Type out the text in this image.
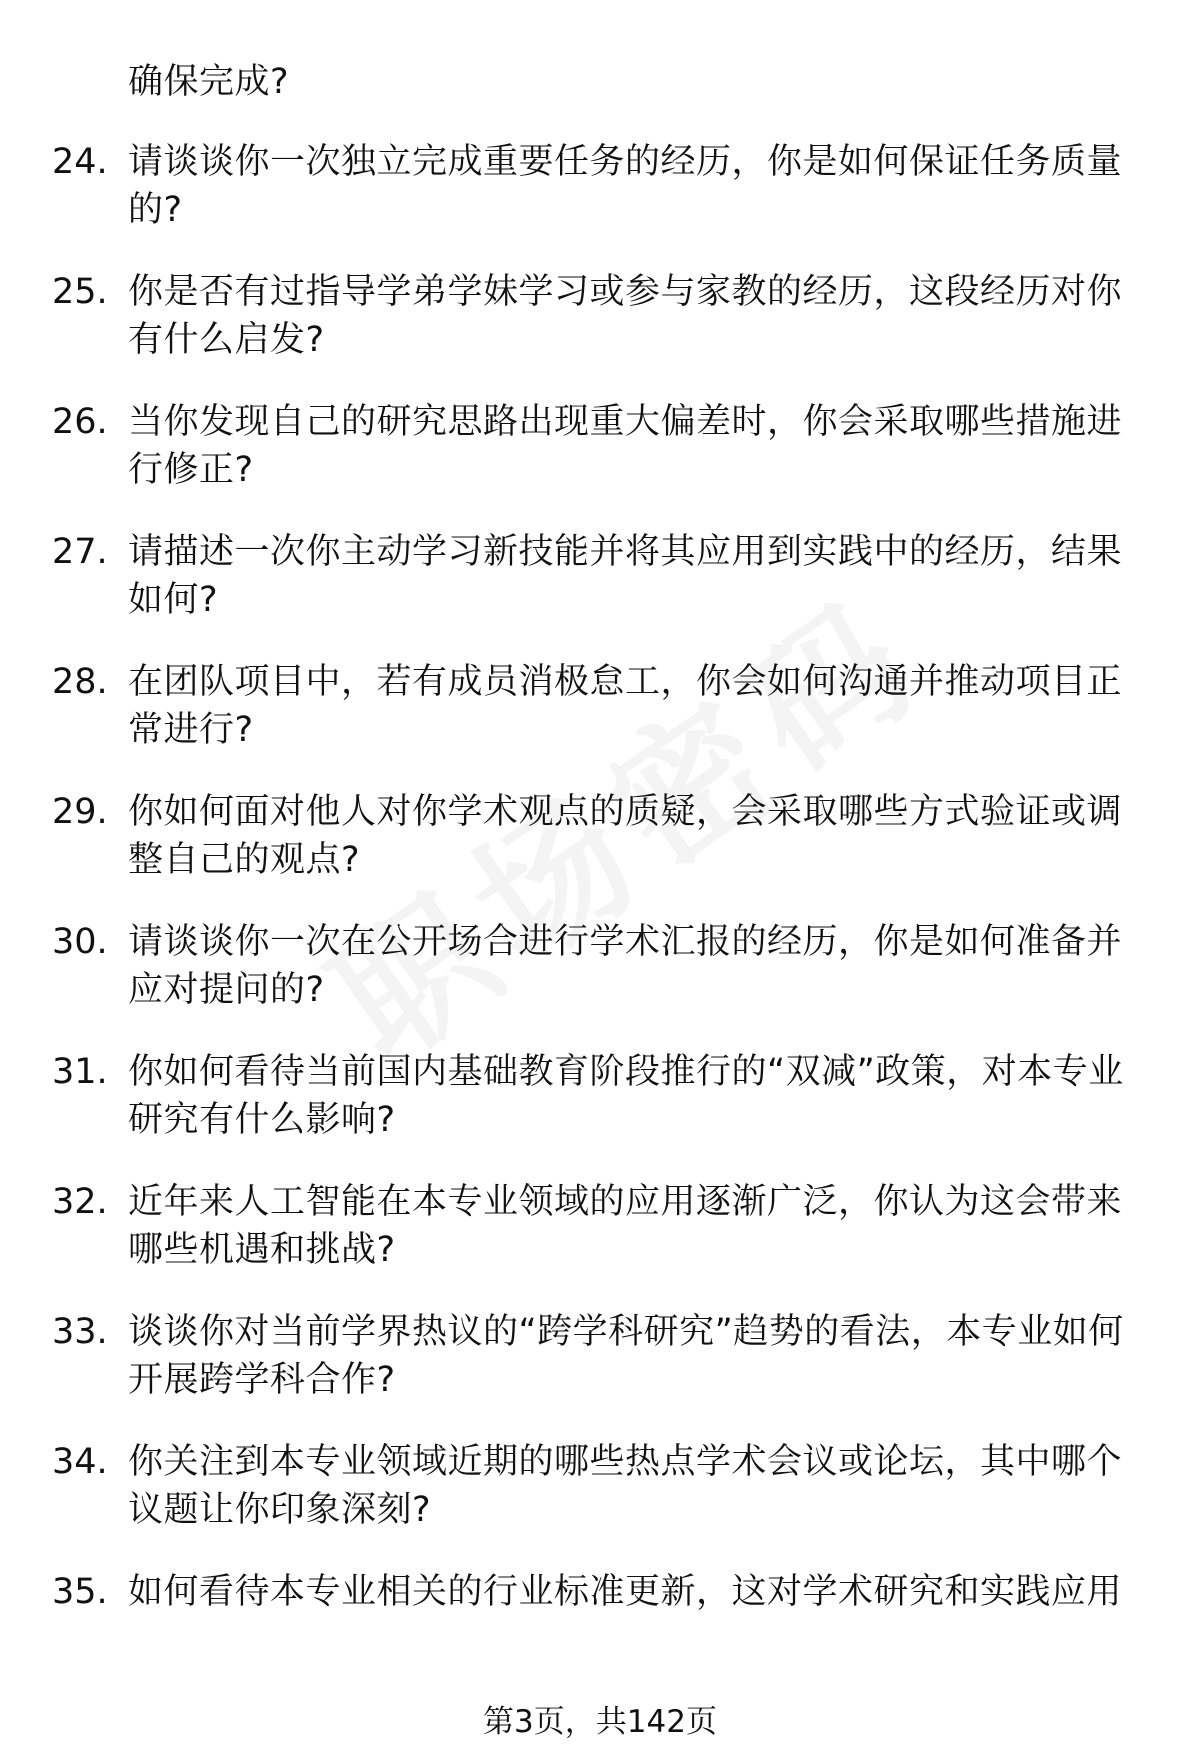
确保完成?
24. 请谈谈你一次独立完成重要任务的经历，你是如何保证任务质量的?
25. 你是否有过指导学弟学妹学习或参与家教的经历，这段经历对你有什么启发?
26. 当你发现自己的研究思路出现重大偏差时，你会采取哪些措施进行修正?
27. 请描述一次你主动学习新技能并将其应用到实践中的经历，结果如何?
28. 在团队项目中，若有成员消极怠工，你会如何沟通并推动项目正常进行?
29. 你如何面对他人对你学术观点的质疑，会采取哪些方式验证或调整自己的观点?
30. 请谈谈你一次在公开场合进行学术汇报的经历，你是如何准备并应对提问的?
31. 你如何看待当前国内基础教育阶段推行的“双减”政策，对本专业研究有什么影响?
32. 近年来人工智能在本专业领域的应用逐渐广泛，你认为这会带来哪些机遇和挑战?
33. 谈谈你对当前学界热议的“跨学科研究”趋势的看法，本专业如何开展跨学科合作?
34. 你关注到本专业领域近期的哪些热点学术会议或论坛，其中哪个议题让你印象深刻?
35. 如何看待本专业相关的行业标准更新，这对学术研究和实践应用
第3页，共142页
